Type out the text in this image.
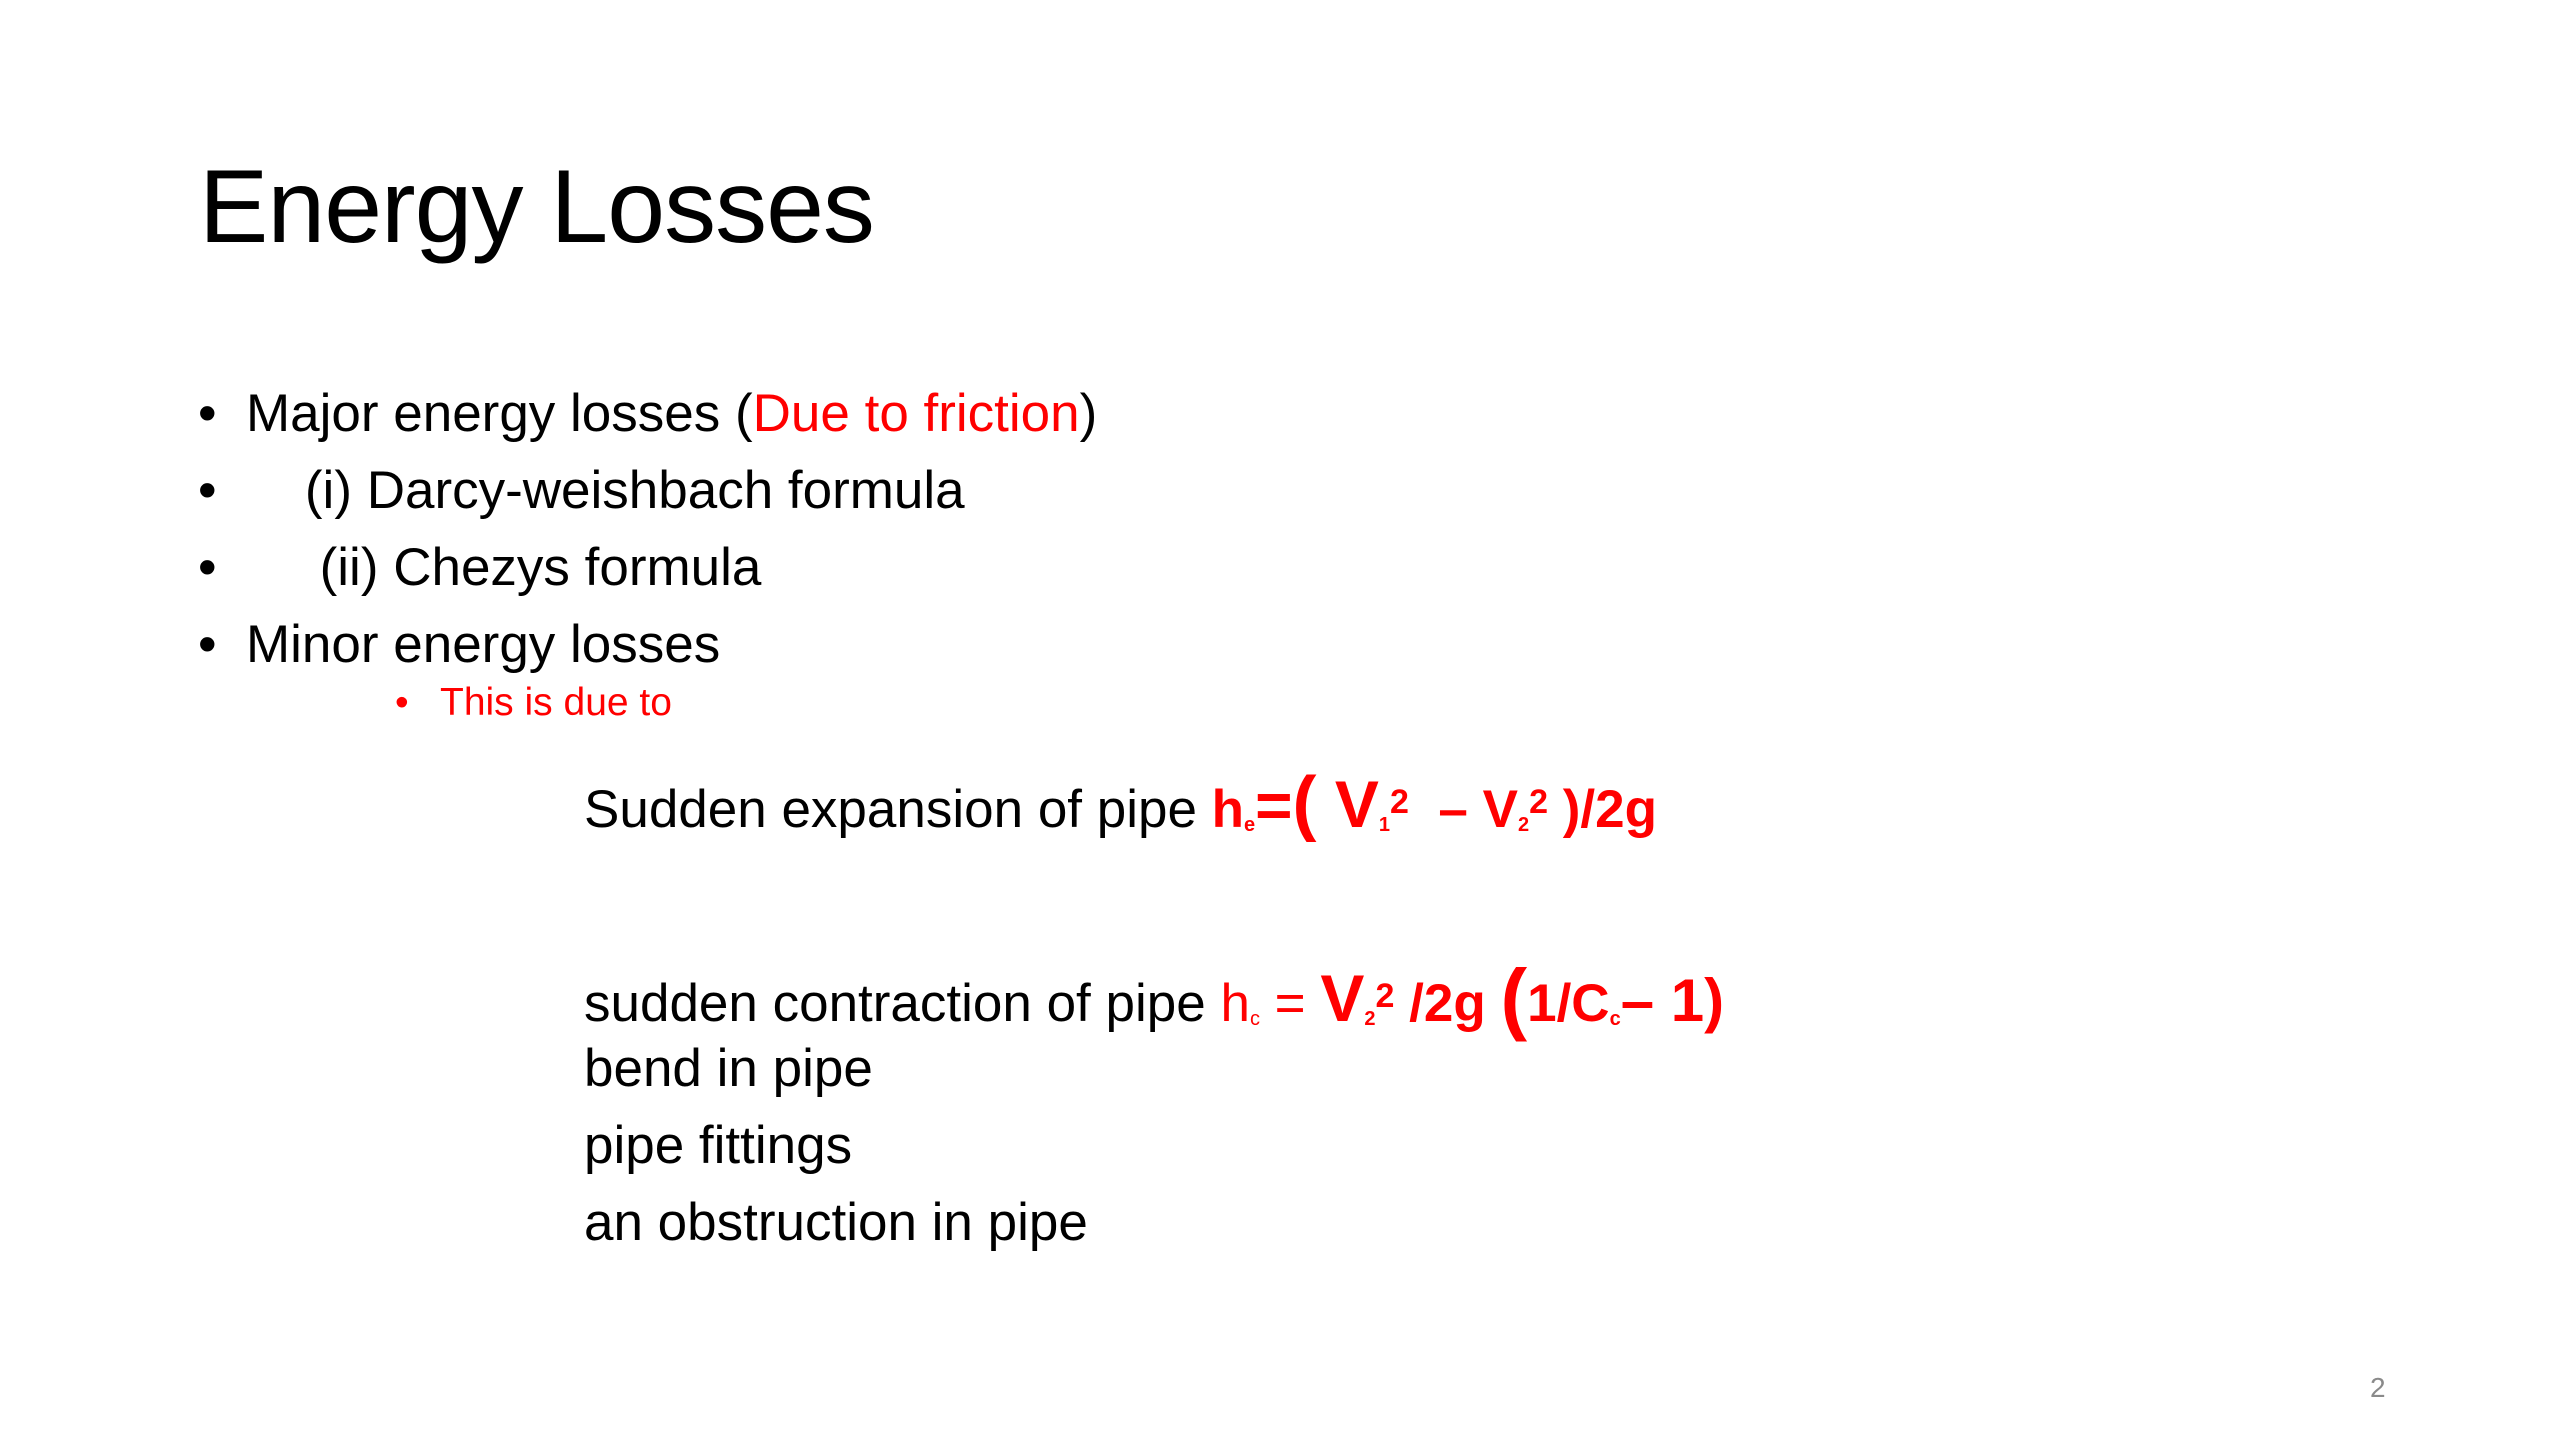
Energy Losses
• Major energy losses (Due to friction)
• (i) Darcy-weishbach formula
• (ii) Chezys formula
• Minor energy losses
• This is due to
Sudden expansion of pipe he=( $V1^2 - V2^2$ )/2g
sudden contraction of pipe hc = $V2^2$ /2g (1/Cc– 1)
bend in pipe
pipe fittings
an obstruction in pipe
2
